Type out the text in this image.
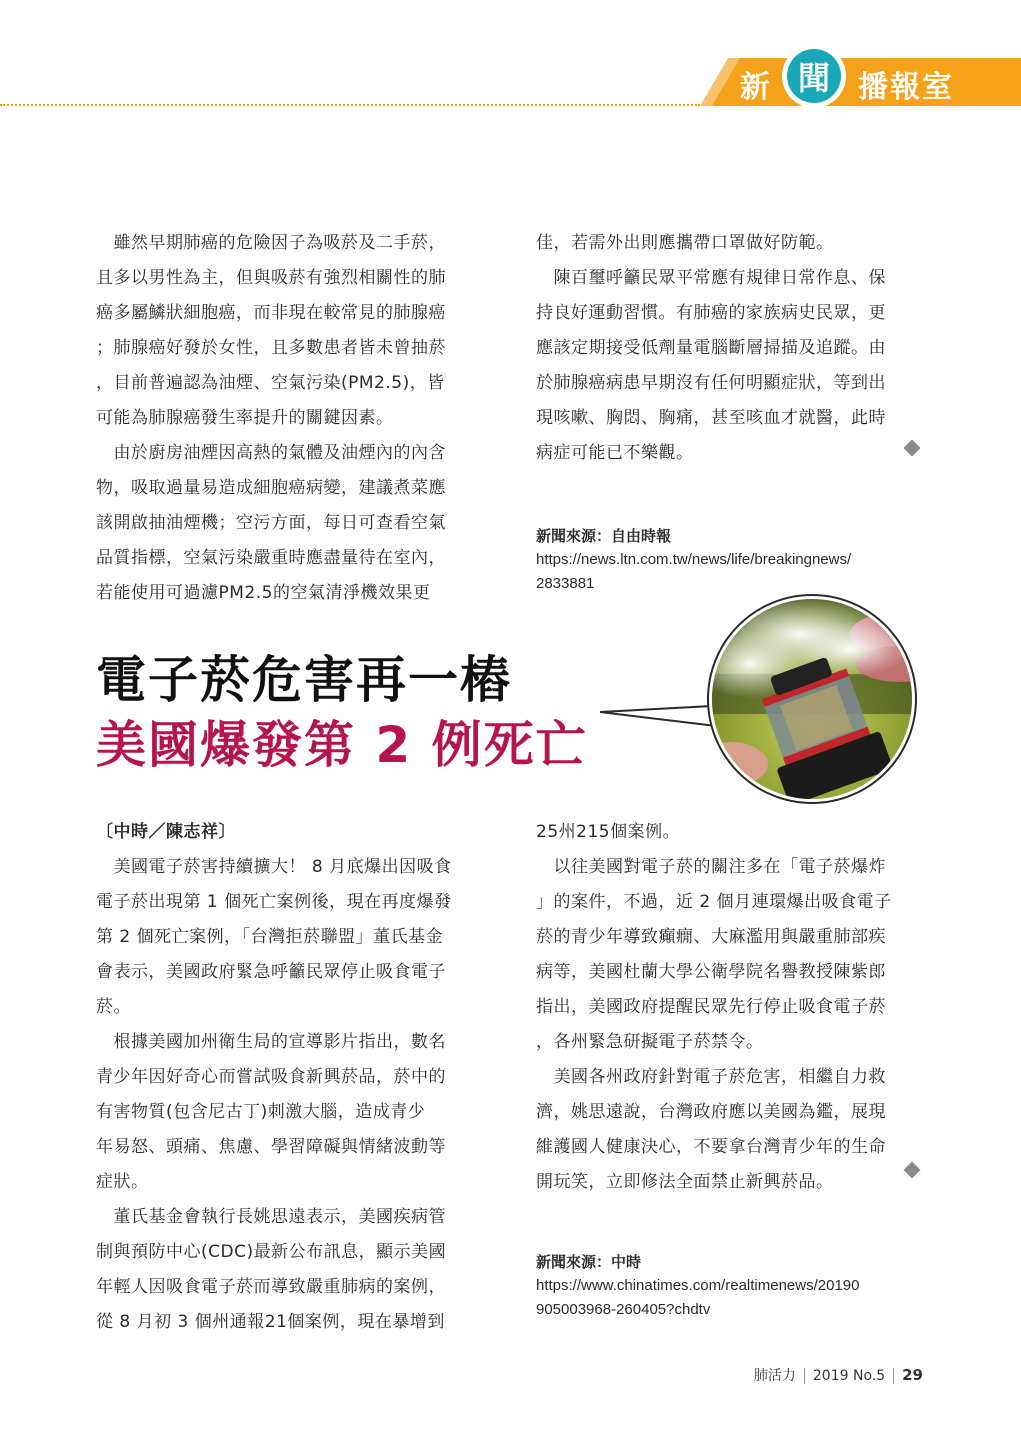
新 聞 播報室

　雖然早期肺癌的危險因子為吸菸及二手菸，

且多以男性為主，但與吸菸有強烈相關性的肺

癌多屬鱗狀細胞癌，而非現在較常見的肺腺癌

；肺腺癌好發於女性，且多數患者皆未曾抽菸

，目前普遍認為油煙、空氣污染(PM2.5)，皆

可能為肺腺癌發生率提升的關鍵因素。

　由於廚房油煙因高熱的氣體及油煙內的內含

物，吸取過量易造成細胞癌病變，建議煮菜應

該開啟抽油煙機；空污方面，每日可查看空氣

品質指標，空氣污染嚴重時應盡量待在室內，

若能使用可過濾PM2.5的空氣清淨機效果更

佳，若需外出則應攜帶口罩做好防範。

　陳百璽呼籲民眾平常應有規律日常作息、保

持良好運動習慣。有肺癌的家族病史民眾，更

應該定期接受低劑量電腦斷層掃描及追蹤。由

於肺腺癌病患早期沒有任何明顯症狀，等到出

現咳嗽、胸悶、胸痛，甚至咳血才就醫，此時

病症可能已不樂觀。

新聞來源：自由時報

https://news.ltn.com.tw/news/life/breakingnews/

2833881

電子菸危害再一樁
美國爆發第 2 例死亡

〔中時／陳志祥〕

　美國電子菸害持續擴大！ 8 月底爆出因吸食

電子菸出現第 1 個死亡案例後，現在再度爆發

第 2 個死亡案例，「台灣拒菸聯盟」董氏基金

會表示，美國政府緊急呼籲民眾停止吸食電子

菸。

　根據美國加州衛生局的宣導影片指出，數名

青少年因好奇心而嘗試吸食新興菸品，菸中的

有害物質(包含尼古丁)刺激大腦，造成青少

年易怒、頭痛、焦慮、學習障礙與情緒波動等

症狀。

　董氏基金會執行長姚思遠表示，美國疾病管

制與預防中心(CDC)最新公布訊息，顯示美國

年輕人因吸食電子菸而導致嚴重肺病的案例，

從 8 月初 3 個州通報21個案例，現在暴增到

25州215個案例。

　以往美國對電子菸的關注多在「電子菸爆炸

」的案件，不過，近 2 個月連環爆出吸食電子

菸的青少年導致癲癇、大麻濫用與嚴重肺部疾

病等，美國杜蘭大學公衛學院名譽教授陳紫郎

指出，美國政府提醒民眾先行停止吸食電子菸

，各州緊急研擬電子菸禁令。

　美國各州政府針對電子菸危害，相繼自力救

濟，姚思遠說，台灣政府應以美國為鑑，展現

維護國人健康決心，不要拿台灣青少年的生命

開玩笑，立即修法全面禁止新興菸品。

新聞來源：中時

https://www.chinatimes.com/realtimenews/20190

905003968-260405?chdtv

肺活力 2019 No.5 29
